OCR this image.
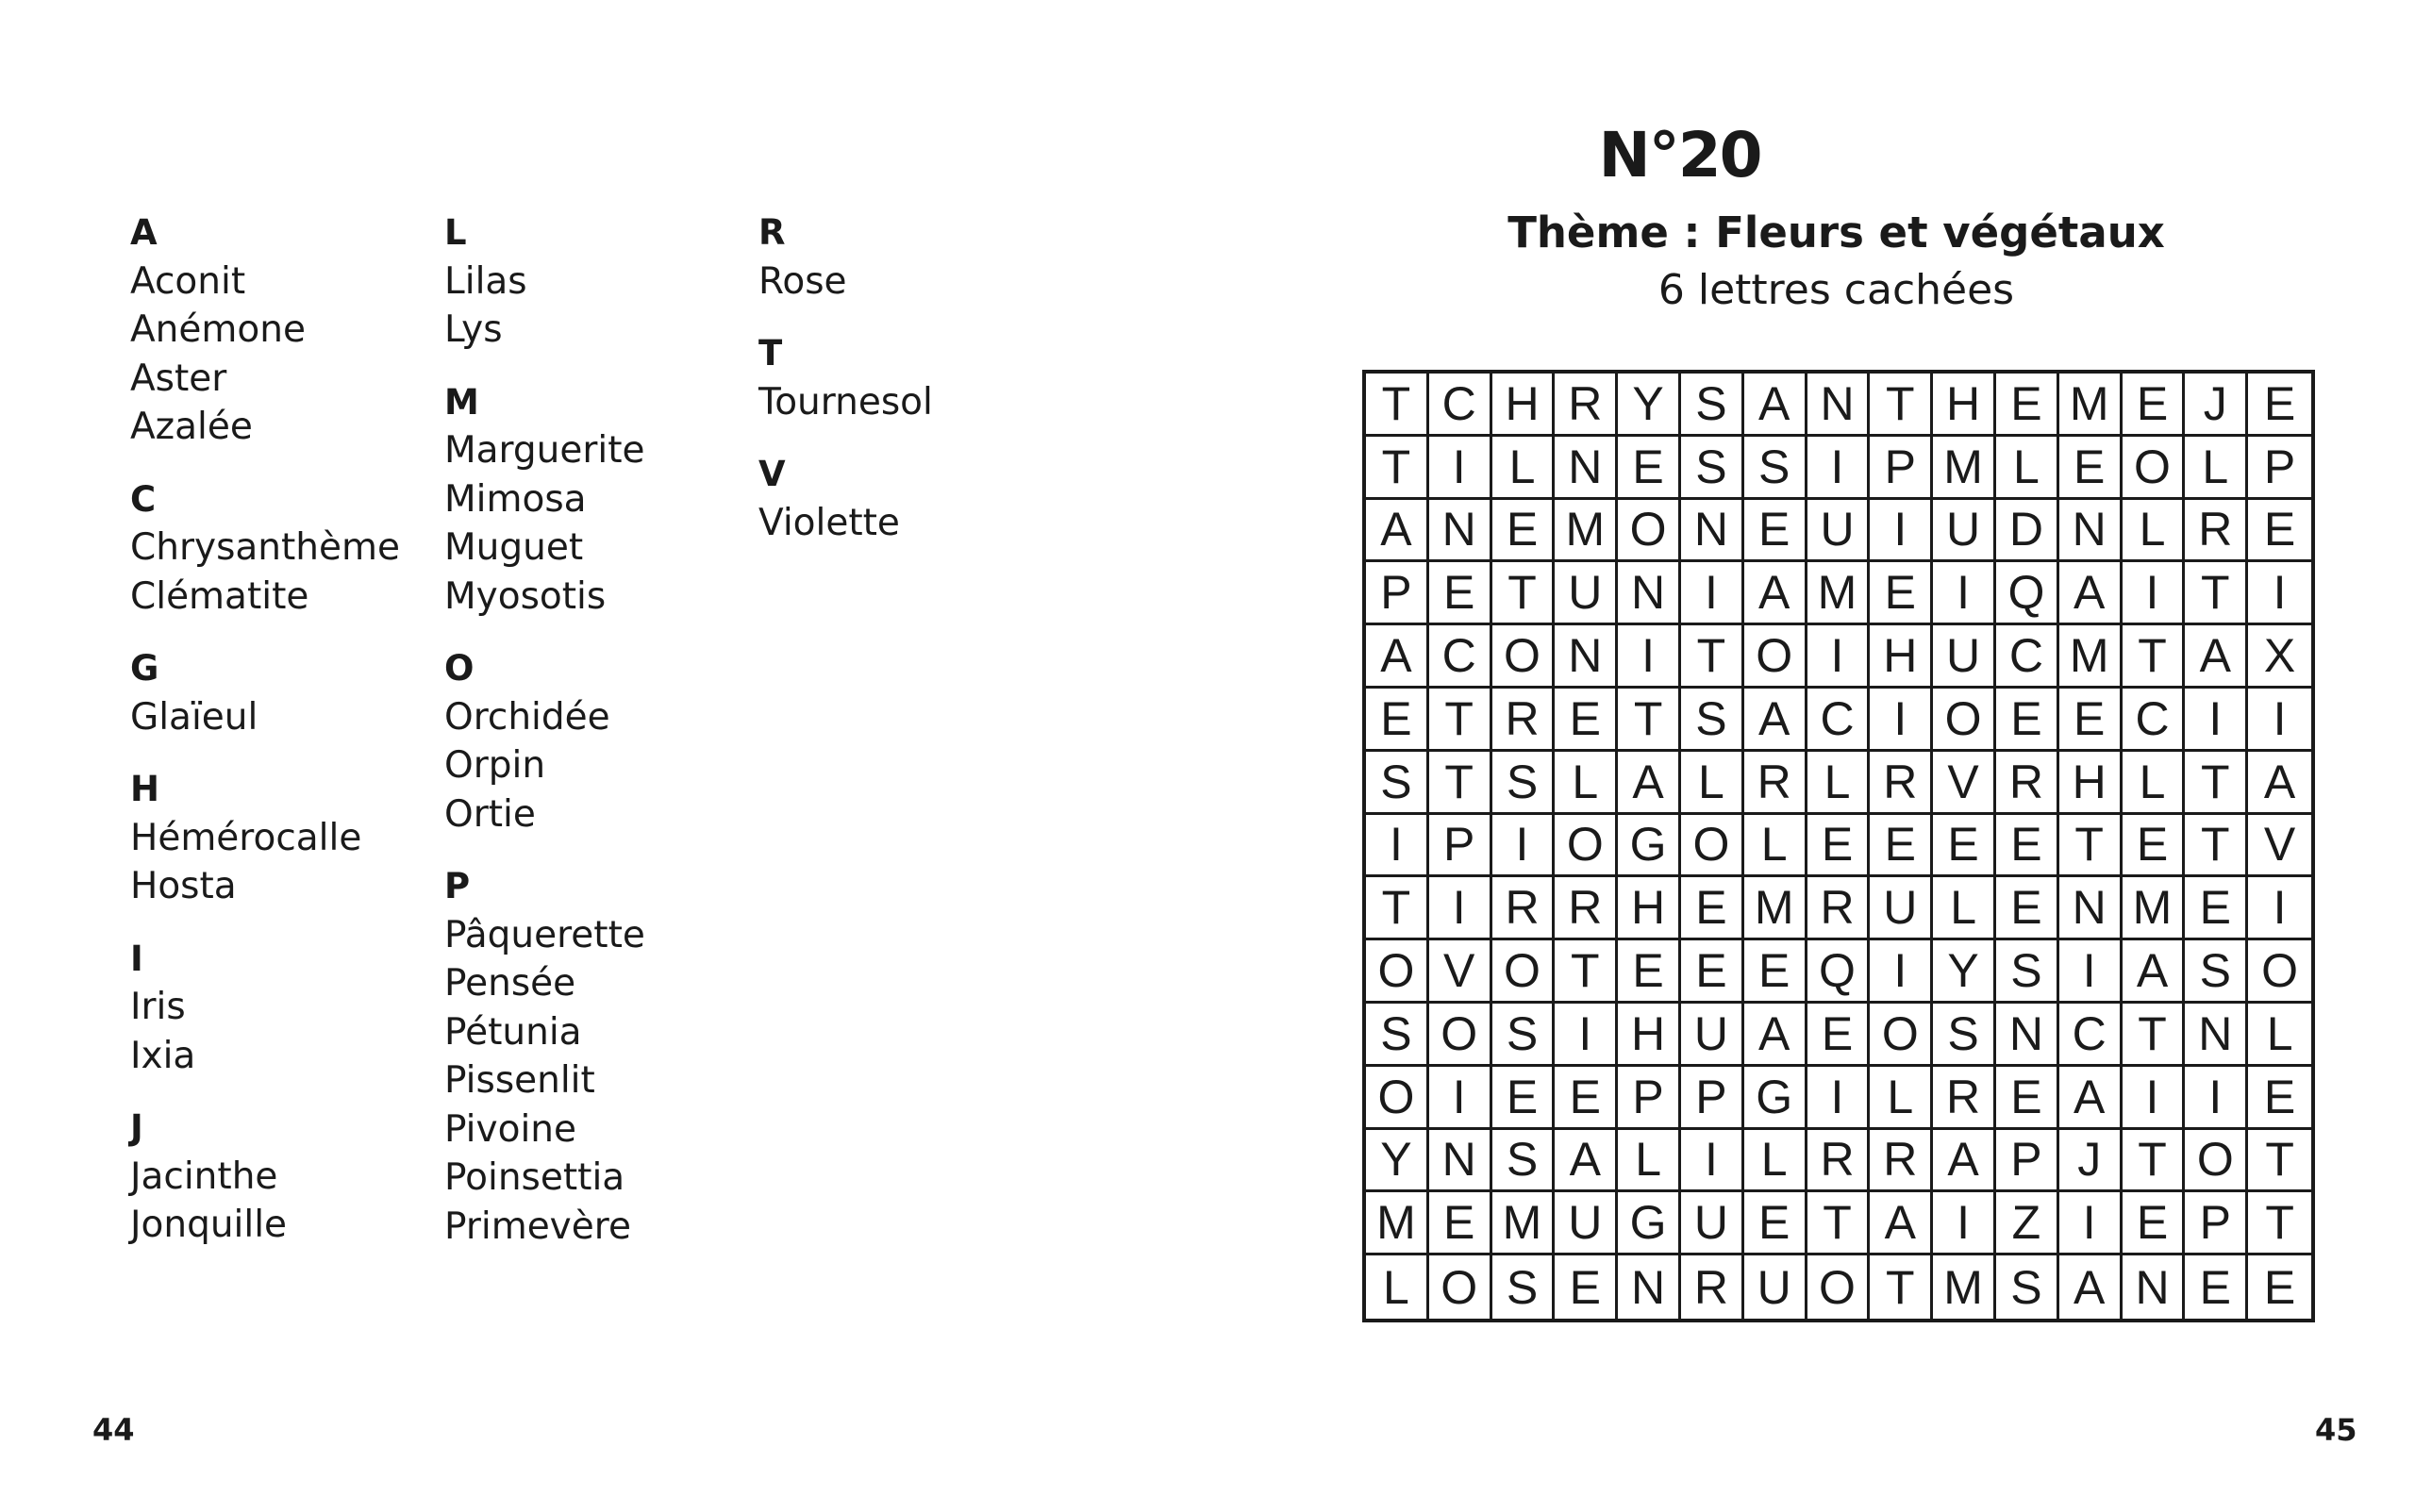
A
Aconit
Anémone
Aster
Azalée
C
Chrysanthème
Clématite
G
Glaïeul
H
Hémérocalle
Hosta
I
Iris
Ixia
J
Jacinthe
Jonquille
L
Lilas
Lys
M
Marguerite
Mimosa
Muguet
Myosotis
O
Orchidée
Orpin
Ortie
P
Pâquerette
Pensée
Pétunia
Pissenlit
Pivoine
Poinsettia
Primevère
R
Rose
T
Tournesol
V
Violette
N°20
Thème : Fleurs et végétaux
6 lettres cachées
T C H R Y S A N T H E M E J E
T I L N E S S I P M L E O L P
A N E M O N E U I U D N L R E
P E T U N I A M E I Q A I T I
A C O N I T O I H U C M T A X
E T R E T S A C I O E E C I	I
S T S L A L R L R V R H L T A
I P I O G O L E E E E T E T V
T I R R H E M R U L E N M E I
O V O T E E E Q I Y S I A S O
S O S I H U A E O S N C T N L
O I E E P P G I L R E A I	I E
Y N S A L I L R R A P J T O T
M E M U G U E T A I Z I E P T
L O S E N R U O T M S A N E E
44	45
